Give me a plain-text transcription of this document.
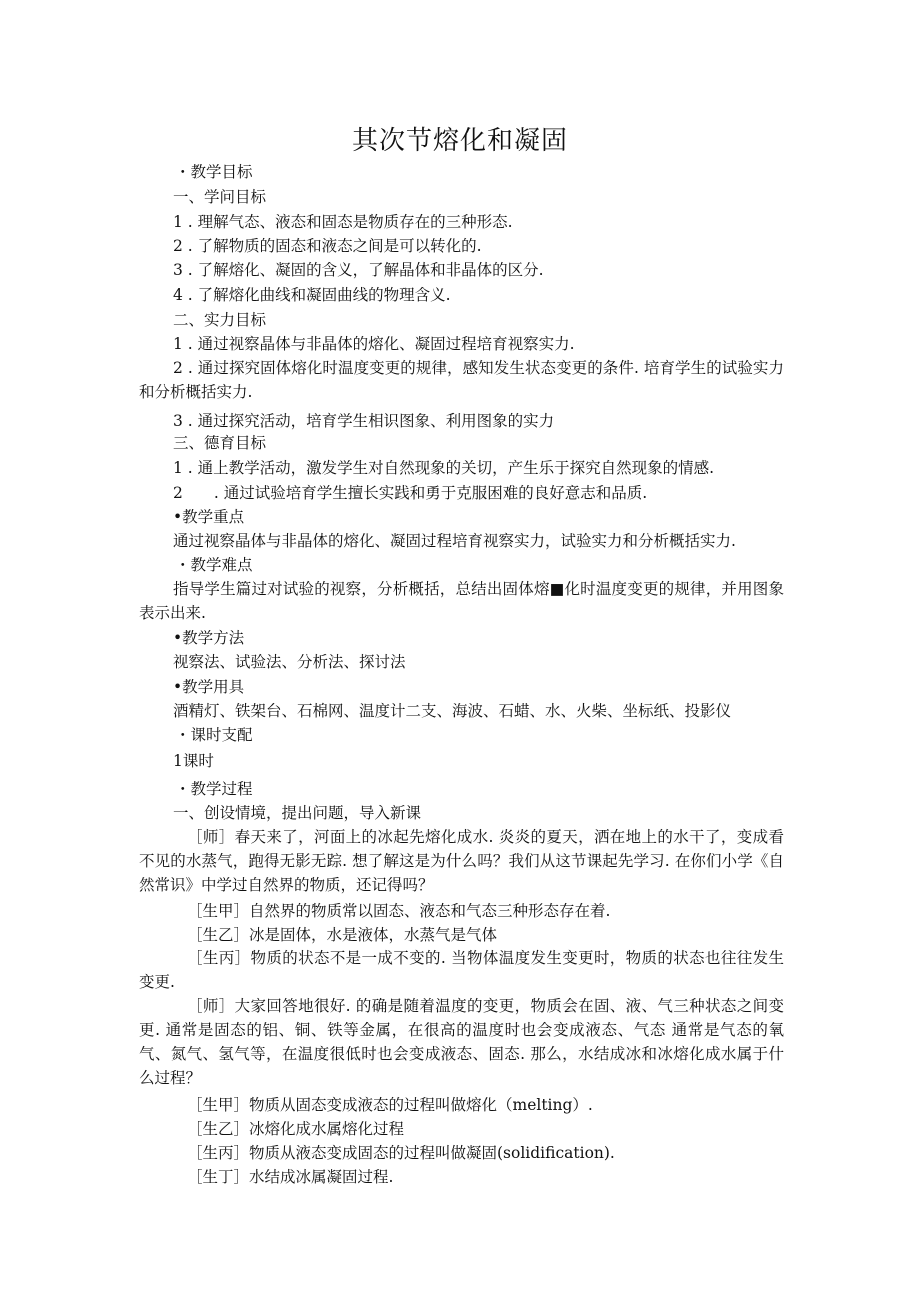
其次节熔化和凝固
・教学目标
一、学问目标
1 . 理解气态、液态和固态是物质存在的三种形态.
2 . 了解物质的固态和液态之间是可以转化的.
3 . 了解熔化、凝固的含义，了解晶体和非晶体的区分.
4 . 了解熔化曲线和凝固曲线的物理含义.
二、实力目标
1 . 通过视察晶体与非晶体的熔化、凝固过程培育视察实力.
2 . 通过探究固体熔化时温度变更的规律，感知发生状态变更的条件. 培育学生的试验实力和分析概括实力.
3 . 通过探究活动，培育学生相识图象、利用图象的实力
三、德育目标
1 . 通上教学活动，激发学生对自然现象的关切，产生乐于探究自然现象的情感.
2　　. 通过试验培育学生擅长实践和勇于克服困难的良好意志和品质.
•教学重点
通过视察晶体与非晶体的熔化、凝固过程培育视察实力，试验实力和分析概括实力.
・教学难点
指导学生篇过对试验的视察，分析概括，总结出固体熔■化时温度变更的规律，并用图象表示出来.
•教学方法
视察法、试验法、分析法、探讨法
•教学用具
酒精灯、铁架台、石棉网、温度计二支、海波、石蜡、水、火柴、坐标纸、投影仪
・课时支配
1课时
・教学过程
一、创设情境，提出问题，导入新课
［师］春天来了，河面上的冰起先熔化成水. 炎炎的夏天，洒在地上的水干了，变成看不见的水蒸气，跑得无影无踪. 想了解这是为什么吗？我们从这节课起先学习. 在你们小学《自然常识》中学过自然界的物质，还记得吗？
［生甲］自然界的物质常以固态、液态和气态三种形态存在着.
［生乙］冰是固体，水是液体，水蒸气是气体
［生丙］物质的状态不是一成不变的. 当物体温度发生变更时，物质的状态也往往发生变更.
［师］大家回答地很好. 的确是随着温度的变更，物质会在固、液、气三种状态之间变更. 通常是固态的铝、铜、铁等金属，在很高的温度时也会变成液态、气态 通常是气态的氧气、氮气、氢气等，在温度很低时也会变成液态、固态. 那么，水结成冰和冰熔化成水属于什么过程？
［生甲］物质从固态变成液态的过程叫做熔化（melting）.
［生乙］冰熔化成水属熔化过程
［生丙］物质从液态变成固态的过程叫做凝固(solidification).
［生丁］水结成冰属凝固过程.
